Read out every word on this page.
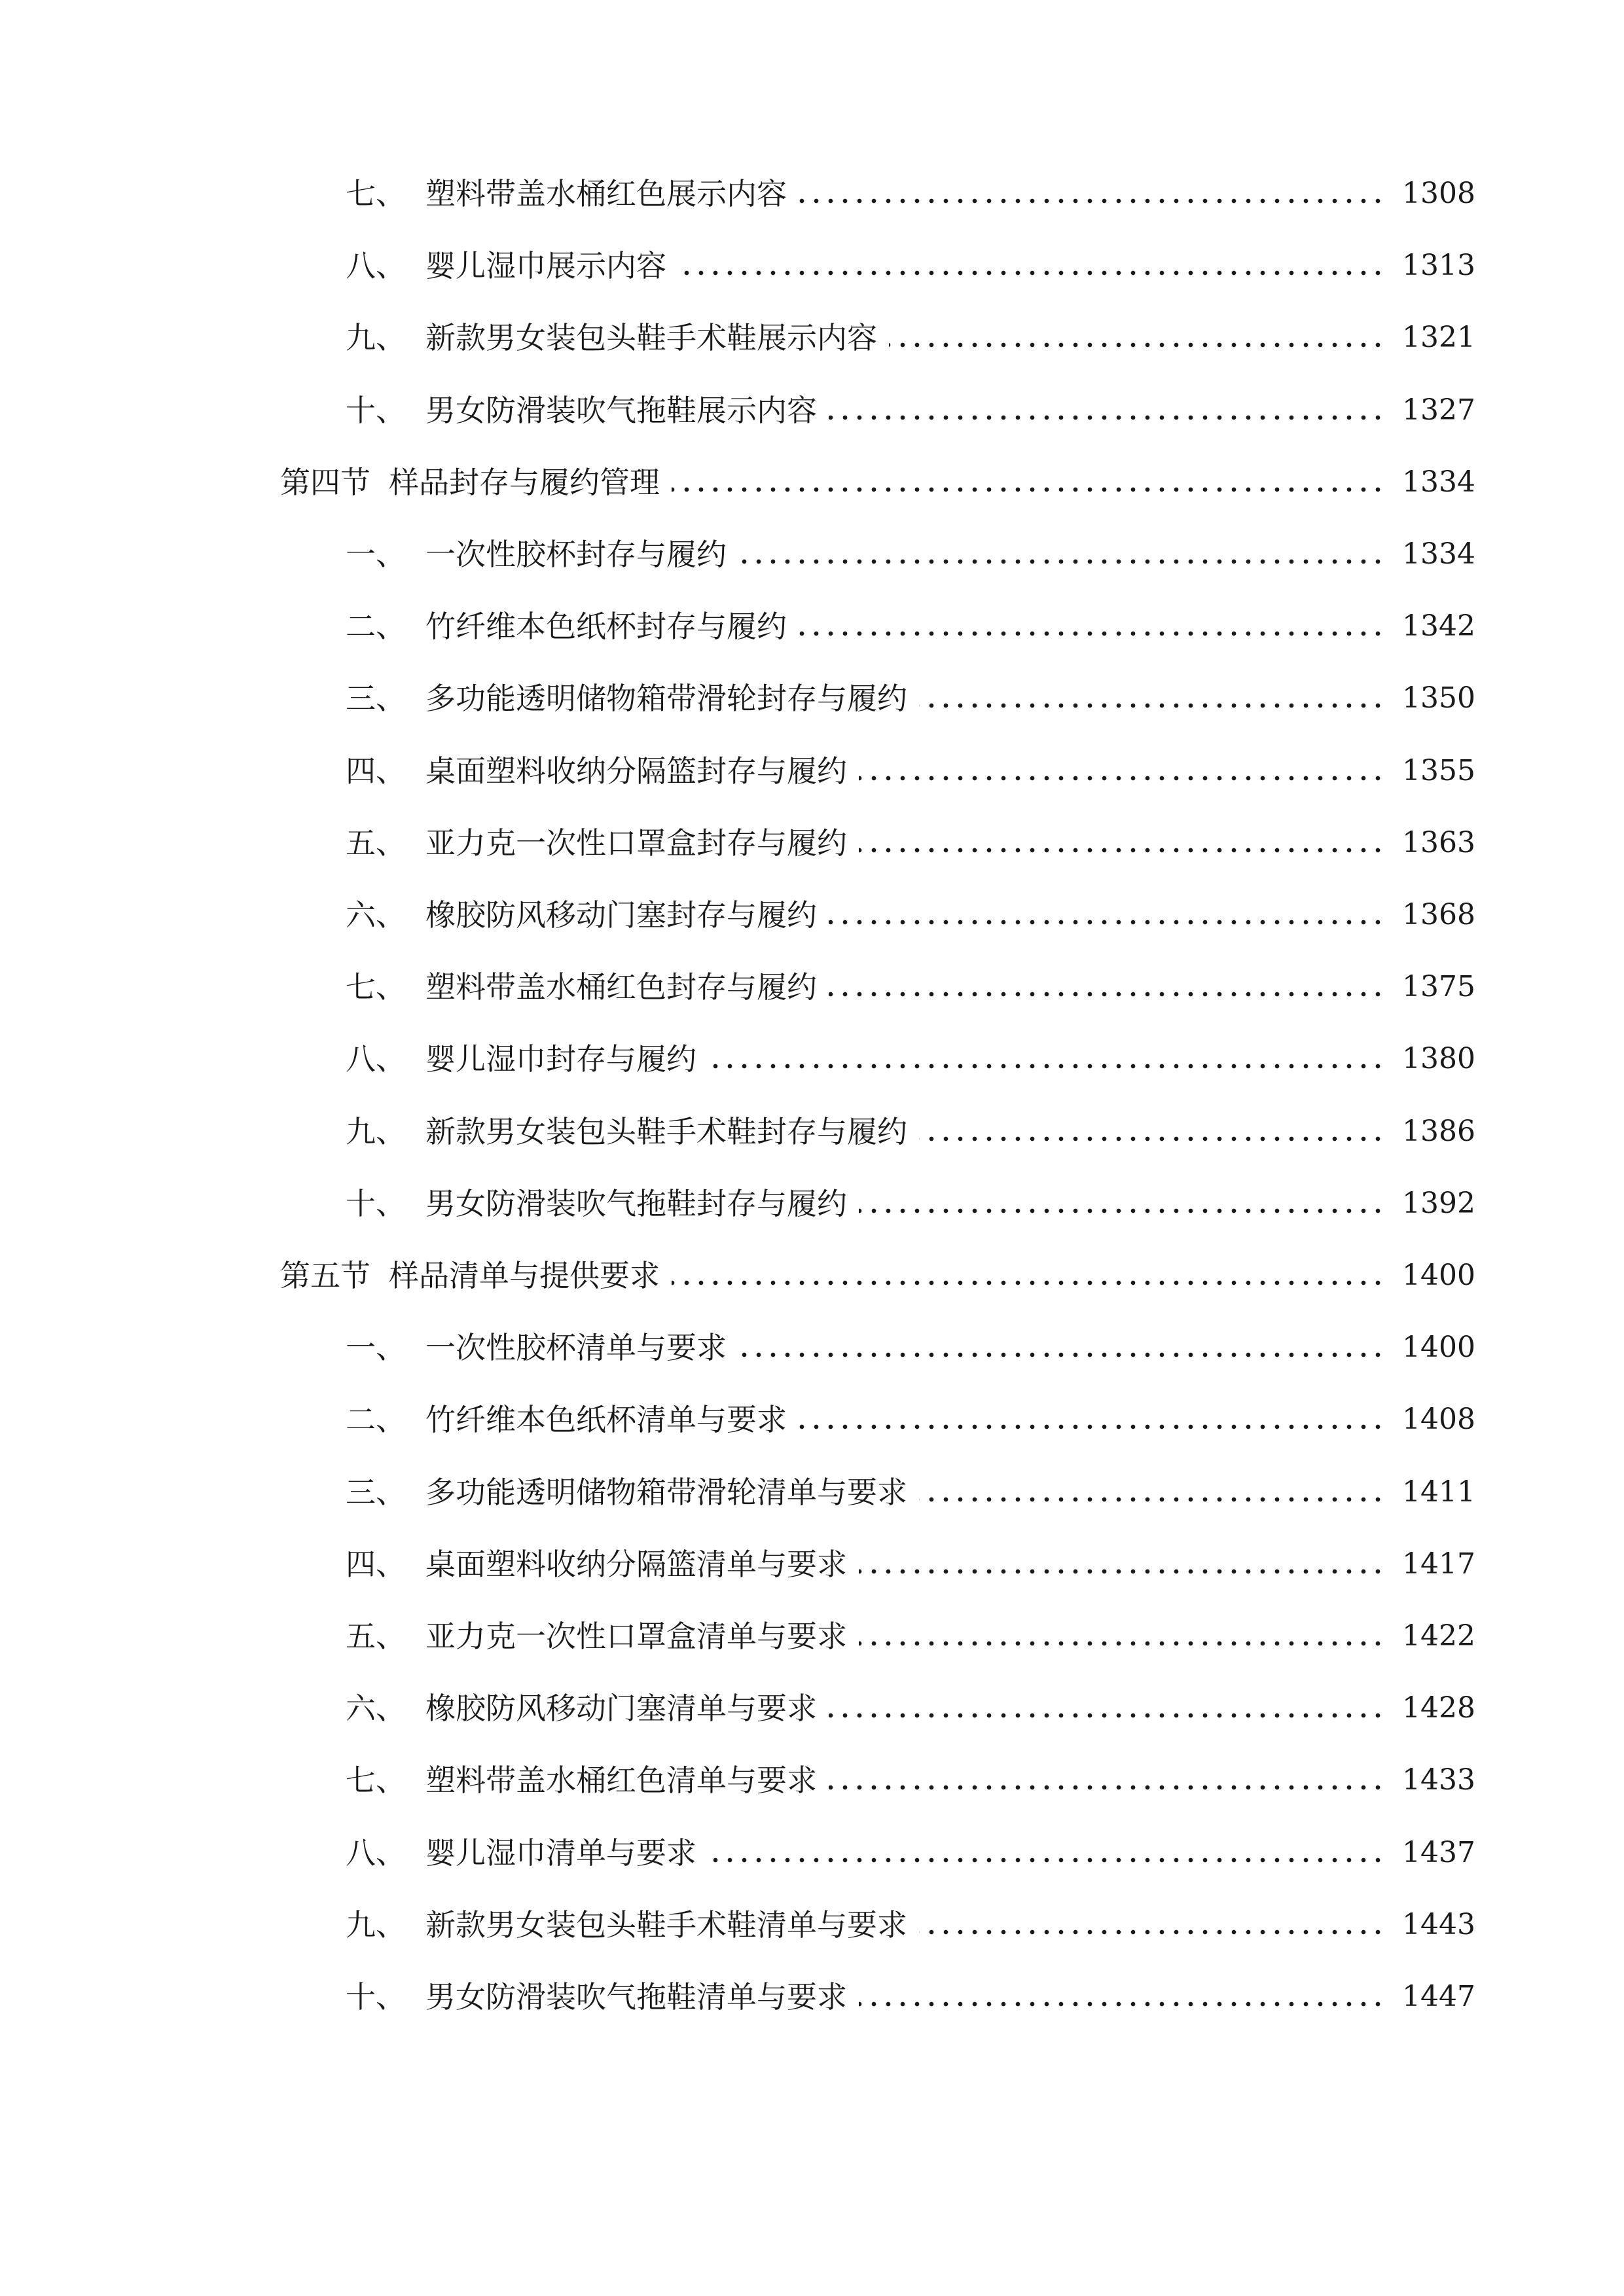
七、 塑料带盖水桶红色展示内容	1308
八、 婴儿湿巾展示内容	1313
九、 新款男女装包头鞋手术鞋展示内容	1321
十、 男女防滑装吹气拖鞋展示内容	1327
第四节 样品封存与履约管理	1334
一、 一次性胶杯封存与履约	1334
二、 竹纤维本色纸杯封存与履约	1342
三、 多功能透明储物箱带滑轮封存与履约	1350
四、 桌面塑料收纳分隔篮封存与履约	1355
五、 亚力克一次性口罩盒封存与履约	1363
六、 橡胶防风移动门塞封存与履约	1368
七、 塑料带盖水桶红色封存与履约	1375
八、 婴儿湿巾封存与履约	1380
九、 新款男女装包头鞋手术鞋封存与履约	1386
十、 男女防滑装吹气拖鞋封存与履约	1392
第五节 样品清单与提供要求	1400
一、 一次性胶杯清单与要求	1400
二、 竹纤维本色纸杯清单与要求	1408
三、 多功能透明储物箱带滑轮清单与要求	1411
四、 桌面塑料收纳分隔篮清单与要求	1417
五、 亚力克一次性口罩盒清单与要求	1422
六、 橡胶防风移动门塞清单与要求	1428
七、 塑料带盖水桶红色清单与要求	1433
八、 婴儿湿巾清单与要求	1437
九、 新款男女装包头鞋手术鞋清单与要求	1443
十、 男女防滑装吹气拖鞋清单与要求	1447
